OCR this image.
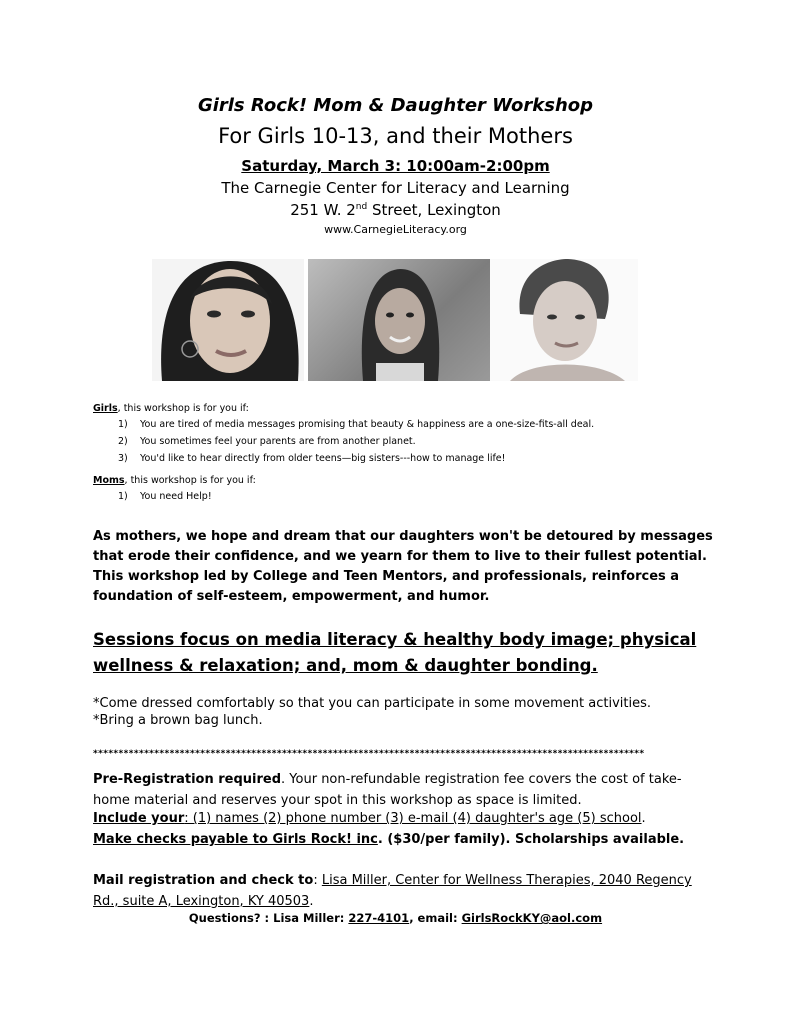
Girls Rock! Mom & Daughter Workshop
For Girls 10-13, and their Mothers
Saturday, March 3: 10:00am-2:00pm
The Carnegie Center for Literacy and Learning
251 W. 2nd Street, Lexington
www.CarnegieLiteracy.org
Girls, this workshop is for you if:
1) You are tired of media messages promising that beauty & happiness are a one-size-fits-all deal.
2) You sometimes feel your parents are from another planet.
3) You'd like to hear directly from older teens—big sisters---how to manage life!
Moms, this workshop is for you if:
1) You need Help!
As mothers, we hope and dream that our daughters won't be detoured by messages that erode their confidence, and we yearn for them to live to their fullest potential. This workshop led by College and Teen Mentors, and professionals, reinforces a foundation of self-esteem, empowerment, and humor.
Sessions focus on media literacy & healthy body image; physical wellness & relaxation; and, mom & daughter bonding.
*Come dressed comfortably so that you can participate in some movement activities.
*Bring a brown bag lunch.
************************************************************************************************************
Pre-Registration required. Your non-refundable registration fee covers the cost of take-home material and reserves your spot in this workshop as space is limited.
Include your: (1) names (2) phone number (3) e-mail (4) daughter's age (5) school.
Make checks payable to Girls Rock! inc. ($30/per family). Scholarships available.
Mail registration and check to: Lisa Miller, Center for Wellness Therapies, 2040 Regency Rd., suite A, Lexington, KY 40503.
Questions? : Lisa Miller: 227-4101, email: GirlsRockKY@aol.com
